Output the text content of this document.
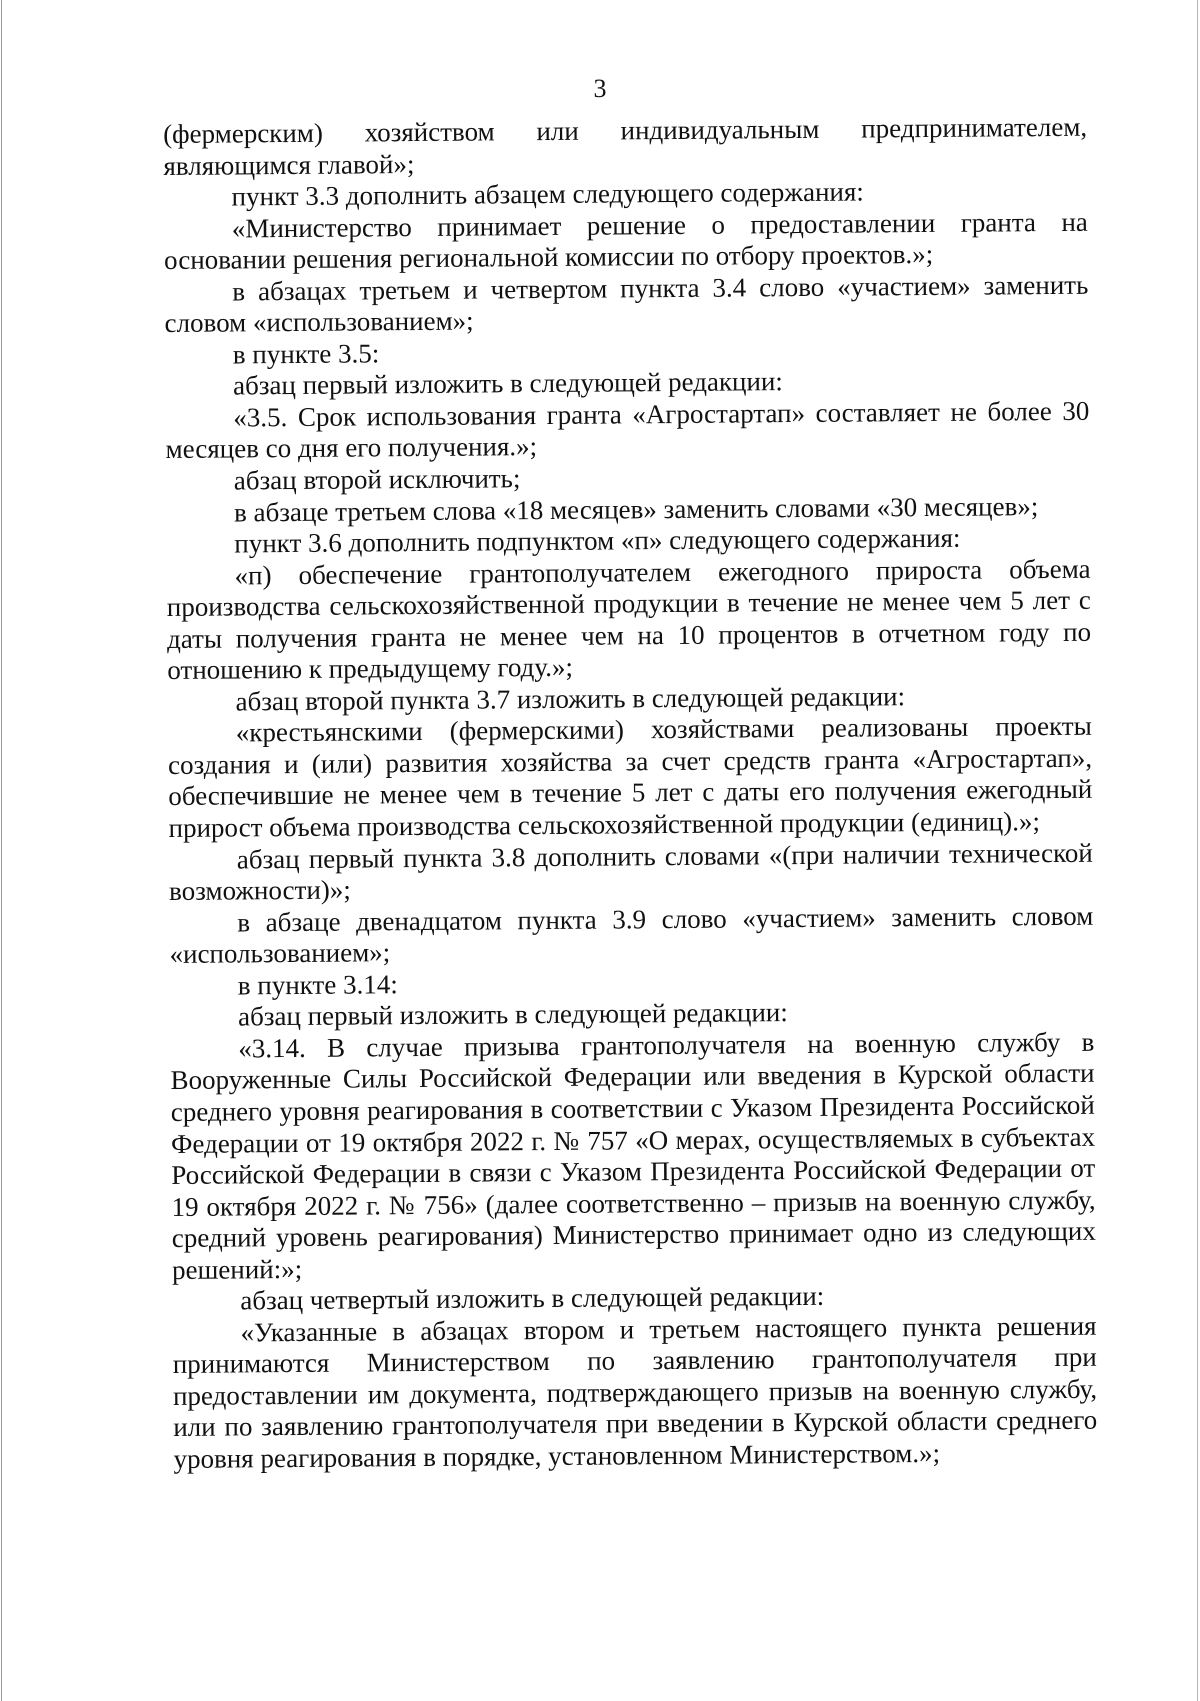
3

(фермерским) хозяйством или индивидуальным предпринимателем, являющимся главой»;

пункт 3.3 дополнить абзацем следующего содержания:

«Министерство принимает решение о предоставлении гранта на основании решения региональной комиссии по отбору проектов.»;

в абзацах третьем и четвертом пункта 3.4 слово «участием» заменить словом «использованием»;

в пункте 3.5:

абзац первый изложить в следующей редакции:

«3.5. Срок использования гранта «Агростартап» составляет не более 30 месяцев со дня его получения.»;

абзац второй исключить;

в абзаце третьем слова «18 месяцев» заменить словами «30 месяцев»;

пункт 3.6 дополнить подпунктом «п» следующего содержания:

«п) обеспечение грантополучателем ежегодного прироста объема производства сельскохозяйственной продукции в течение не менее чем 5 лет с даты получения гранта не менее чем на 10 процентов в отчетном году по отношению к предыдущему году.»;

абзац второй пункта 3.7 изложить в следующей редакции:

«крестьянскими (фермерскими) хозяйствами реализованы проекты создания и (или) развития хозяйства за счет средств гранта «Агростартап», обеспечившие не менее чем в течение 5 лет с даты его получения ежегодный прирост объема производства сельскохозяйственной продукции (единиц).»;

абзац первый пункта 3.8 дополнить словами «(при наличии технической возможности)»;

в абзаце двенадцатом пункта 3.9 слово «участием» заменить словом «использованием»;

в пункте 3.14:

абзац первый изложить в следующей редакции:

«3.14. В случае призыва грантополучателя на военную службу в Вооруженные Силы Российской Федерации или введения в Курской области среднего уровня реагирования в соответствии с Указом Президента Российской Федерации от 19 октября 2022 г. № 757 «О мерах, осуществляемых в субъектах Российской Федерации в связи с Указом Президента Российской Федерации от 19 октября 2022 г. № 756» (далее соответственно – призыв на военную службу, средний уровень реагирования) Министерство принимает одно из следующих решений:»;

абзац четвертый изложить в следующей редакции:

«Указанные в абзацах втором и третьем настоящего пункта решения принимаются Министерством по заявлению грантополучателя при предоставлении им документа, подтверждающего призыв на военную службу, или по заявлению грантополучателя при введении в Курской области среднего уровня реагирования в порядке, установленном Министерством.»;
